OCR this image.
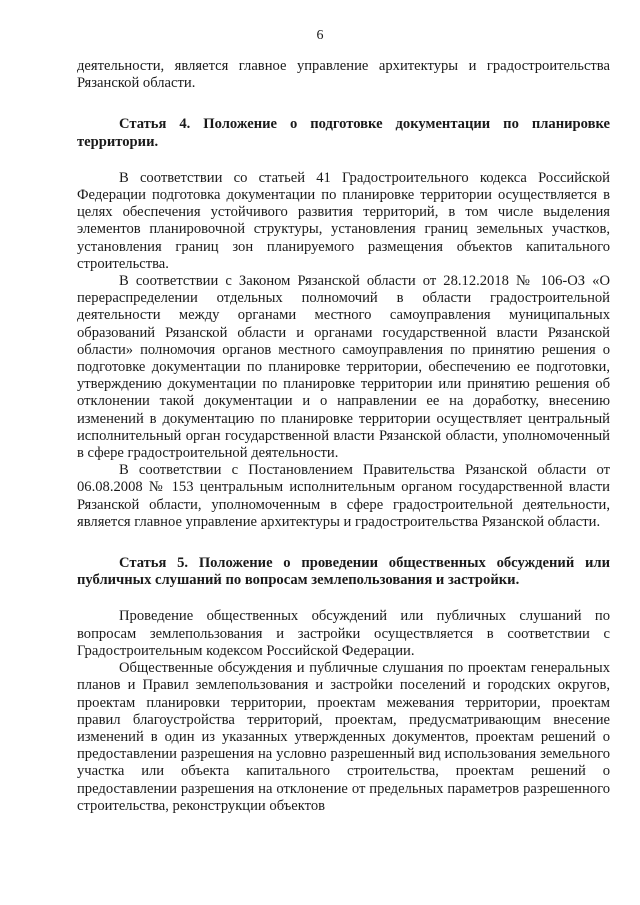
6

деятельности, является главное управление архитектуры и градостроительства Рязанской области.

Статья 4. Положение о подготовке документации по планировке территории.

В соответствии со статьей 41 Градостроительного кодекса Российской Федерации подготовка документации по планировке территории осуществляется в целях обеспечения устойчивого развития территорий, в том числе выделения элементов планировочной структуры, установления границ земельных участков, установления границ зон планируемого размещения объектов капитального строительства.

В соответствии с Законом Рязанской области от 28.12.2018 № 106-ОЗ «О перераспределении отдельных полномочий в области градостроительной деятельности между органами местного самоуправления муниципальных образований Рязанской области и органами государственной власти Рязанской области» полномочия органов местного самоуправления по принятию решения о подготовке документации по планировке территории, обеспечению ее подготовки, утверждению документации по планировке территории или принятию решения об отклонении такой документации и о направлении ее на доработку, внесению изменений в документацию по планировке территории осуществляет центральный исполнительный орган государственной власти Рязанской области, уполномоченный в сфере градостроительной деятельности.

В соответствии с Постановлением Правительства Рязанской области от 06.08.2008 № 153 центральным исполнительным органом государственной власти Рязанской области, уполномоченным в сфере градостроительной деятельности, является главное управление архитектуры и градостроительства Рязанской области.

Статья 5. Положение о проведении общественных обсуждений или публичных слушаний по вопросам землепользования и застройки.

Проведение общественных обсуждений или публичных слушаний по вопросам землепользования и застройки осуществляется в соответствии с Градостроительным кодексом Российской Федерации.

Общественные обсуждения и публичные слушания по проектам генеральных планов и Правил землепользования и застройки поселений и городских округов, проектам планировки территории, проектам межевания территории, проектам правил благоустройства территорий, проектам, предусматривающим внесение изменений в один из указанных утвержденных документов, проектам решений о предоставлении разрешения на условно разрешенный вид использования земельного участка или объекта капитального строительства, проектам решений о предоставлении разрешения на отклонение от предельных параметров разрешенного строительства, реконструкции объектов
